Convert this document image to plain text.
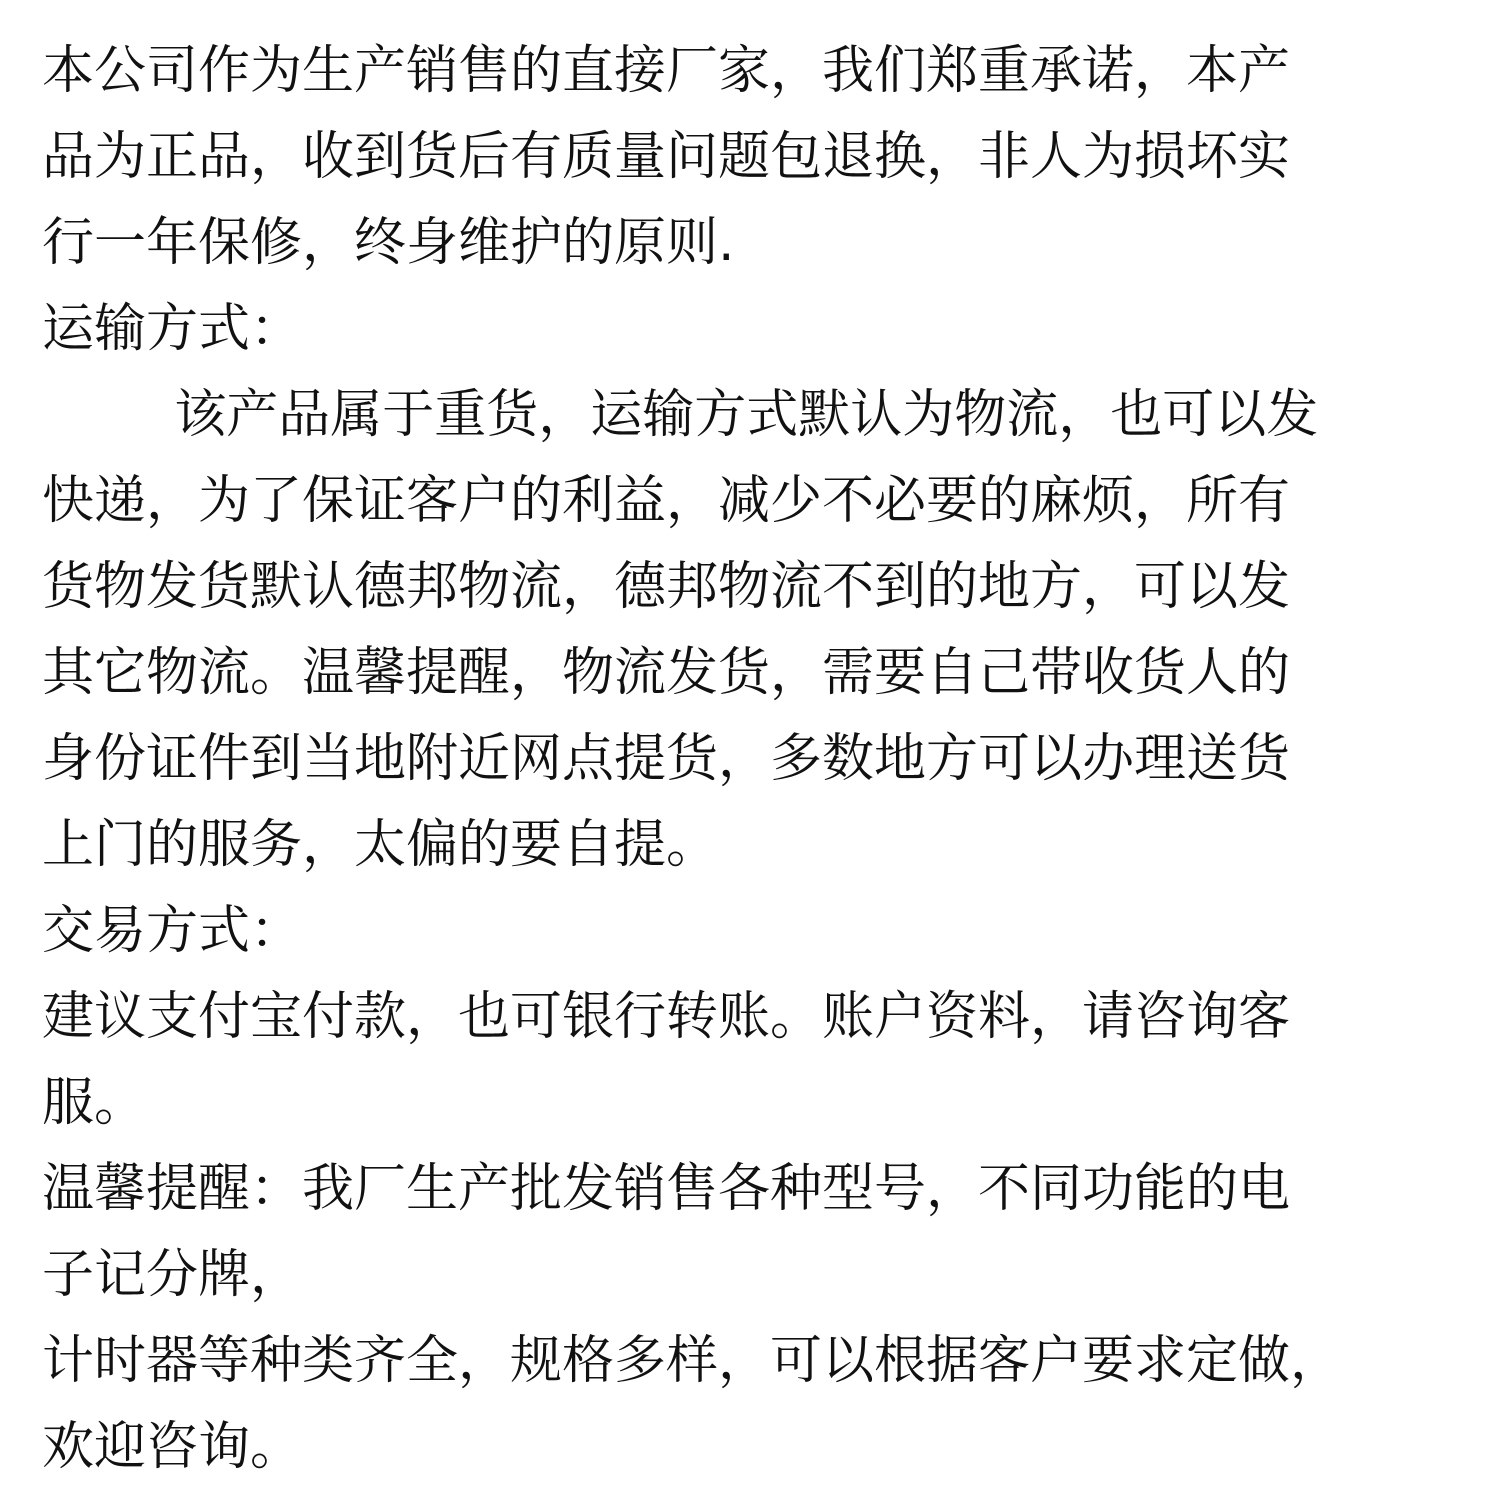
本公司作为生产销售的直接厂家，我们郑重承诺，本产
品为正品，收到货后有质量问题包退换，非人为损坏实
行一年保修，终身维护的原则.
运输方式：
该产品属于重货，运输方式默认为物流，也可以发
快递，为了保证客户的利益，减少不必要的麻烦，所有
货物发货默认德邦物流，德邦物流不到的地方，可以发
其它物流。温馨提醒，物流发货，需要自己带收货人的
身份证件到当地附近网点提货，多数地方可以办理送货
上门的服务，太偏的要自提。
交易方式：
建议支付宝付款，也可银行转账。账户资料，请咨询客
服。
温馨提醒：我厂生产批发销售各种型号，不同功能的电
子记分牌，
计时器等种类齐全，规格多样，可以根据客户要求定做，
欢迎咨询。
